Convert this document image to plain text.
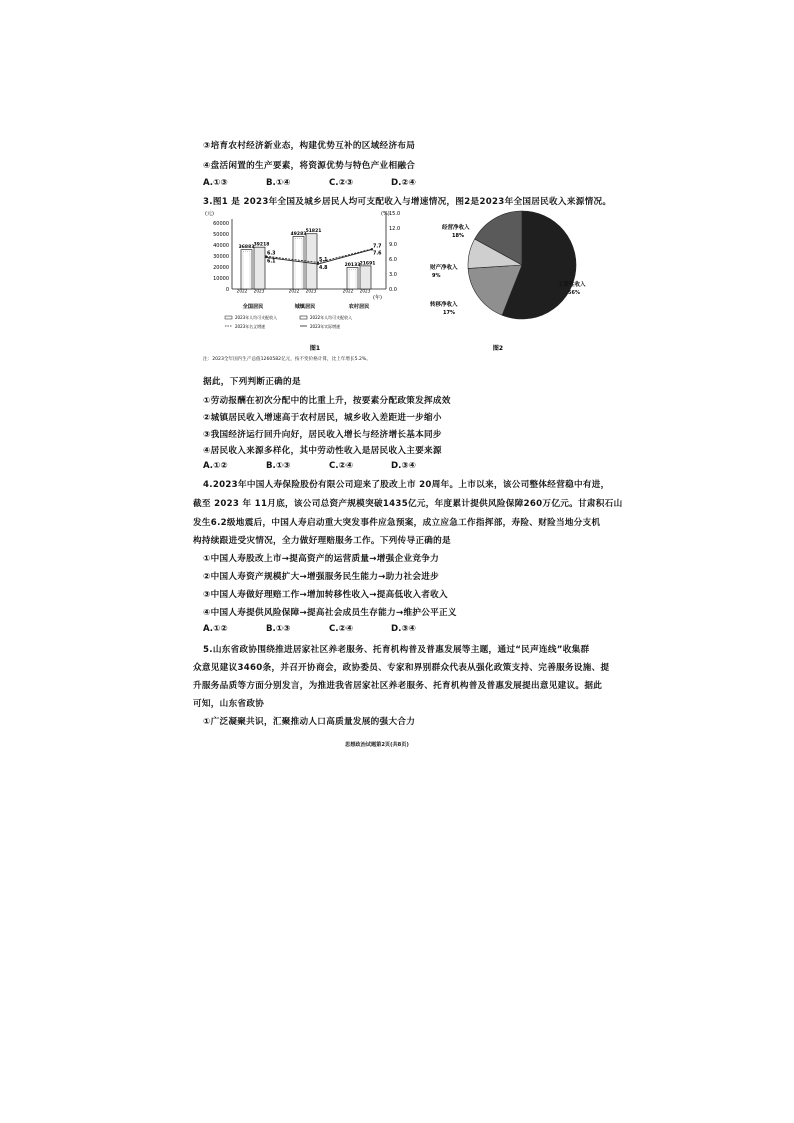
③培育农村经济新业态，构建优势互补的区域经济布局
④盘活闲置的生产要素，将资源优势与特色产业相融合
A.①③	B.①④	C.②③	D.②④
3.图1 是 2023年全国及城乡居民人均可支配收入与增速情况，图2是2023年全国居民收入来源情况。
(元)	(%)
60000
50000
40000
30000
20000
10000
0
15.0
12.0
9.0
6.0
3.0
0.0
36883 39218
2022 2023
6.3
6.1
49283
51821
2022 2023
5.1
4.8
20133 21691
2022 2023
7.7
7.6
(年)
全国居民	城镇居民	农村居民
2023年人均可支配收入	2022年人均可支配收入
2023年名义增速	2023年实际增速
图1
经营净收入
18%
财产净收入
9%
转移净收入
17%
工资性收入
56%
图2
注：2023全年国内生产总值1260582亿元，按不变价格计算，比上年增长5.2%。
据此，下列判断正确的是
①劳动报酬在初次分配中的比重上升，按要素分配政策发挥成效
②城镇居民收入增速高于农村居民，城乡收入差距进一步缩小
③我国经济运行回升向好，居民收入增长与经济增长基本同步
④居民收入来源多样化，其中劳动性收入是居民收入主要来源
A.①②	B.①③	C.②④	D.③④
4.2023年中国人寿保险股份有限公司迎来了股改上市 20周年。上市以来，该公司整体经营稳中有进，
截至 2023 年 11月底，该公司总资产规模突破1435亿元，年度累计提供风险保障260万亿元。甘肃积石山
发生6.2级地震后，中国人寿启动重大突发事件应急预案，成立应急工作指挥部，寿险、财险当地分支机
构持续跟进受灾情况，全力做好理赔服务工作。下列传导正确的是
①中国人寿股改上市→提高资产的运营质量→增强企业竞争力
②中国人寿资产规模扩大→增强服务民生能力→助力社会进步
③中国人寿做好理赔工作→增加转移性收入→提高低收入者收入
④中国人寿提供风险保障→提高社会成员生存能力→维护公平正义
A.①②	B.①③	C.②④	D.③④
5.山东省政协围绕推进居家社区养老服务、托育机构普及普惠发展等主题，通过“民声连线”收集群
众意见建议3460条，并召开协商会，政协委员、专家和界别群众代表从强化政策支持、完善服务设施、提
升服务品质等方面分别发言，为推进我省居家社区养老服务、托育机构普及普惠发展提出意见建议。据此
可知，山东省政协
①广泛凝聚共识，汇聚推动人口高质量发展的强大合力
思想政治试题第2页(共8页)
